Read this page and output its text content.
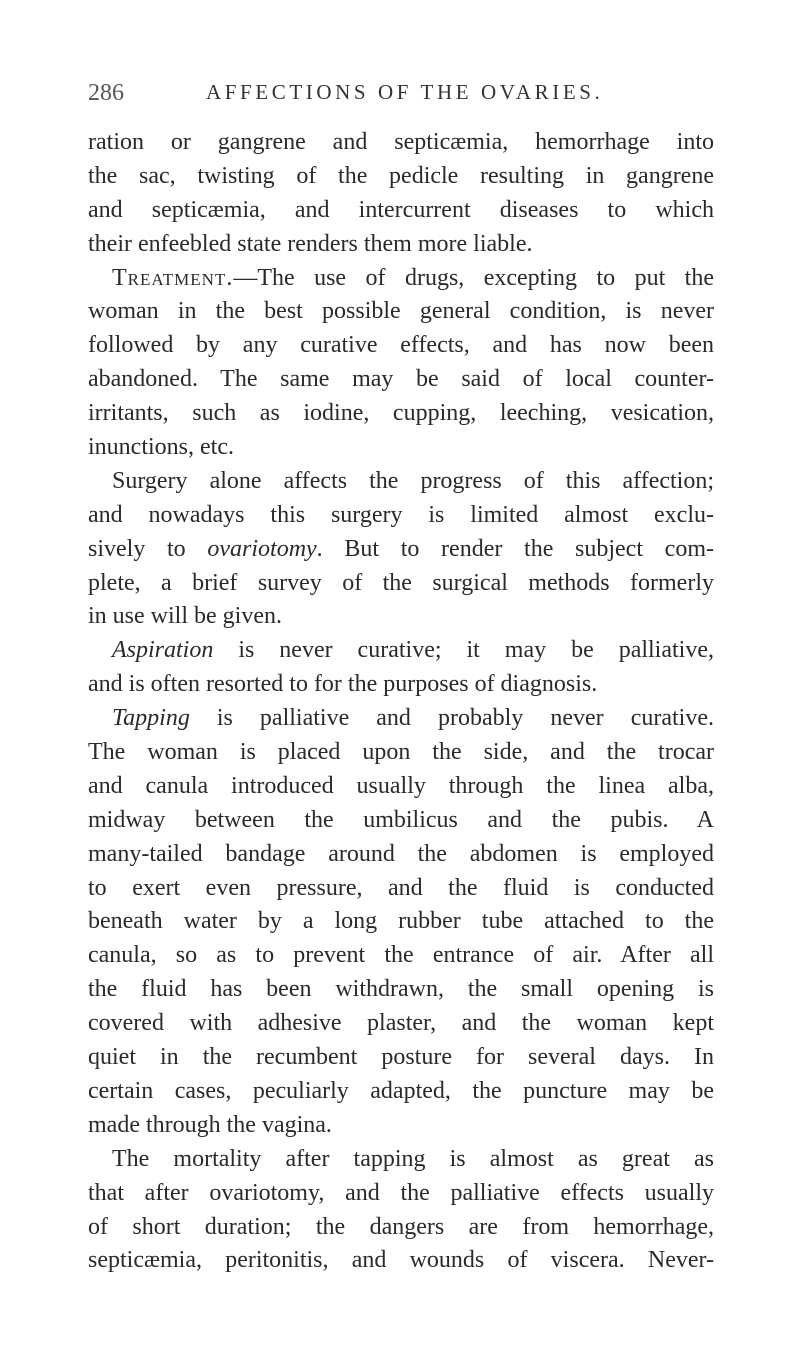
286	AFFECTIONS OF THE OVARIES.
ration or gangrene and septicæmia, hemorrhage into
the sac, twisting of the pedicle resulting in gangrene
and septicæmia, and intercurrent diseases to which
their enfeebled state renders them more liable.
Treatment.—The use of drugs, excepting to put the
woman in the best possible general condition, is never
followed by any curative effects, and has now been
abandoned. The same may be said of local counter-
irritants, such as iodine, cupping, leeching, vesication,
inunctions, etc.
Surgery alone affects the progress of this affection;
and nowadays this surgery is limited almost exclu-
sively to ovariotomy. But to render the subject com-
plete, a brief survey of the surgical methods formerly
in use will be given.
Aspiration is never curative; it may be palliative,
and is often resorted to for the purposes of diagnosis.
Tapping is palliative and probably never curative.
The woman is placed upon the side, and the trocar
and canula introduced usually through the linea alba,
midway between the umbilicus and the pubis. A
many-tailed bandage around the abdomen is employed
to exert even pressure, and the fluid is conducted
beneath water by a long rubber tube attached to the
canula, so as to prevent the entrance of air. After all
the fluid has been withdrawn, the small opening is
covered with adhesive plaster, and the woman kept
quiet in the recumbent posture for several days. In
certain cases, peculiarly adapted, the puncture may be
made through the vagina.
The mortality after tapping is almost as great as
that after ovariotomy, and the palliative effects usually
of short duration; the dangers are from hemorrhage,
septicæmia, peritonitis, and wounds of viscera. Never-
